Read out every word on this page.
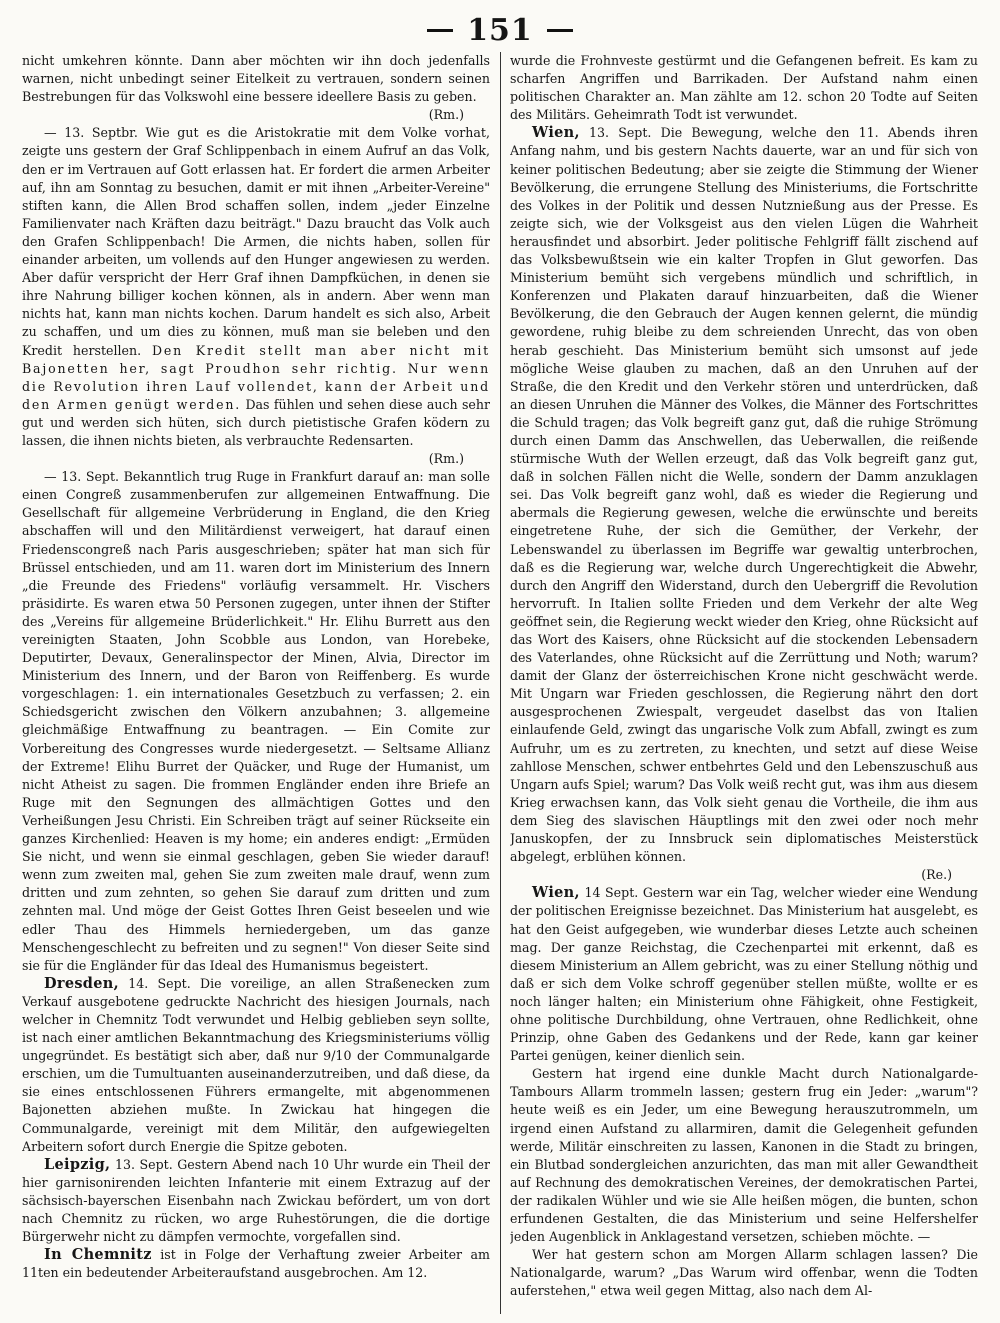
151

nicht umkehren könnte. Dann aber möchten wir ihn doch jedenfalls warnen, nicht unbedingt seiner Eitelkeit zu vertrauen, sondern seinen Bestrebungen für das Volkswohl eine bessere ideellere Basis zu geben.

(Rm.)

— 13. Septbr. Wie gut es die Aristokratie mit dem Volke vorhat, zeigte uns gestern der Graf Schlippenbach in einem Aufruf an das Volk, den er im Vertrauen auf Gott erlassen hat. Er fordert die armen Arbeiter auf, ihn am Sonntag zu besuchen, damit er mit ihnen „Arbeiter-Vereine" stiften kann, die Allen Brod schaffen sollen, indem „jeder Einzelne Familienvater nach Kräften dazu beiträgt." Dazu braucht das Volk auch den Grafen Schlippenbach! Die Armen, die nichts haben, sollen für einander arbeiten, um vollends auf den Hunger angewiesen zu werden. Aber dafür verspricht der Herr Graf ihnen Dampfküchen, in denen sie ihre Nahrung billiger kochen können, als in andern. Aber wenn man nichts hat, kann man nichts kochen. Darum handelt es sich also, Arbeit zu schaffen, und um dies zu können, muß man sie beleben und den Kredit herstellen. Den Kredit stellt man aber nicht mit Bajonetten her, sagt Proudhon sehr richtig. Nur wenn die Revolution ihren Lauf vollendet, kann der Arbeit und den Armen genügt werden. Das fühlen und sehen diese auch sehr gut und werden sich hüten, sich durch pietistische Grafen ködern zu lassen, die ihnen nichts bieten, als verbrauchte Redensarten.

(Rm.)

— 13. Sept. Bekanntlich trug Ruge in Frankfurt darauf an: man solle einen Congreß zusammenberufen zur allgemeinen Entwaffnung. Die Gesellschaft für allgemeine Verbrüderung in England, die den Krieg abschaffen will und den Militärdienst verweigert, hat darauf einen Friedenscongreß nach Paris ausgeschrieben; später hat man sich für Brüssel entschieden, und am 11. waren dort im Ministerium des Innern „die Freunde des Friedens" vorläufig versammelt. Hr. Vischers präsidirte. Es waren etwa 50 Personen zugegen, unter ihnen der Stifter des „Vereins für allgemeine Brüderlichkeit." Hr. Elihu Burrett aus den vereinigten Staaten, John Scobble aus London, van Horebeke, Deputirter, Devaux, Generalinspector der Minen, Alvia, Director im Ministerium des Innern, und der Baron von Reiffenberg. Es wurde vorgeschlagen: 1. ein internationales Gesetzbuch zu verfassen; 2. ein Schiedsgericht zwischen den Völkern anzubahnen; 3. allgemeine gleichmäßige Entwaffnung zu beantragen. — Ein Comite zur Vorbereitung des Congresses wurde niedergesetzt. — Seltsame Allianz der Extreme! Elihu Burret der Quäcker, und Ruge der Humanist, um nicht Atheist zu sagen. Die frommen Engländer enden ihre Briefe an Ruge mit den Segnungen des allmächtigen Gottes und den Verheißungen Jesu Christi. Ein Schreiben trägt auf seiner Rückseite ein ganzes Kirchenlied: Heaven is my home; ein anderes endigt: „Ermüden Sie nicht, und wenn sie einmal geschlagen, geben Sie wieder darauf! wenn zum zweiten mal, gehen Sie zum zweiten male drauf, wenn zum dritten und zum zehnten, so gehen Sie darauf zum dritten und zum zehnten mal. Und möge der Geist Gottes Ihren Geist beseelen und wie edler Thau des Himmels herniedergeben, um das ganze Menschengeschlecht zu befreiten und zu segnen!" Von dieser Seite sind sie für die Engländer für das Ideal des Humanismus begeistert.

Dresden, 14. Sept. Die voreilige, an allen Straßenecken zum Verkauf ausgebotene gedruckte Nachricht des hiesigen Journals, nach welcher in Chemnitz Todt verwundet und Helbig geblieben seyn sollte, ist nach einer amtlichen Bekanntmachung des Kriegsministeriums völlig ungegründet. Es bestätigt sich aber, daß nur 9/10 der Communalgarde erschien, um die Tumultuanten auseinanderzutreiben, und daß diese, da sie eines entschlossenen Führers ermangelte, mit abgenommenen Bajonetten abziehen mußte. In Zwickau hat hingegen die Communalgarde, vereinigt mit dem Militär, den aufgewiegelten Arbeitern sofort durch Energie die Spitze geboten.

Leipzig, 13. Sept. Gestern Abend nach 10 Uhr wurde ein Theil der hier garnisonirenden leichten Infanterie mit einem Extrazug auf der sächsisch-bayerschen Eisenbahn nach Zwickau befördert, um von dort nach Chemnitz zu rücken, wo arge Ruhestörungen, die die dortige Bürgerwehr nicht zu dämpfen vermochte, vorgefallen sind.

In Chemnitz ist in Folge der Verhaftung zweier Arbeiter am 11ten ein bedeutender Arbeiteraufstand ausgebrochen. Am 12.

wurde die Frohnveste gestürmt und die Gefangenen befreit. Es kam zu scharfen Angriffen und Barrikaden. Der Aufstand nahm einen politischen Charakter an. Man zählte am 12. schon 20 Todte auf Seiten des Militärs. Geheimrath Todt ist verwundet.

Wien, 13. Sept. Die Bewegung, welche den 11. Abends ihren Anfang nahm, und bis gestern Nachts dauerte, war an und für sich von keiner politischen Bedeutung; aber sie zeigte die Stimmung der Wiener Bevölkerung, die errungene Stellung des Ministeriums, die Fortschritte des Volkes in der Politik und dessen Nutznießung aus der Presse. Es zeigte sich, wie der Volksgeist aus den vielen Lügen die Wahrheit herausfindet und absorbirt. Jeder politische Fehlgriff fällt zischend auf das Volksbewußtsein wie ein kalter Tropfen in Glut geworfen. Das Ministerium bemüht sich vergebens mündlich und schriftlich, in Konferenzen und Plakaten darauf hinzuarbeiten, daß die Wiener Bevölkerung, die den Gebrauch der Augen kennen gelernt, die mündig gewordene, ruhig bleibe zu dem schreienden Unrecht, das von oben herab geschieht. Das Ministerium bemüht sich umsonst auf jede mögliche Weise glauben zu machen, daß an den Unruhen auf der Straße, die den Kredit und den Verkehr stören und unterdrücken, daß an diesen Unruhen die Männer des Volkes, die Männer des Fortschrittes die Schuld tragen; das Volk begreift ganz gut, daß die ruhige Strömung durch einen Damm das Anschwellen, das Ueberwallen, die reißende stürmische Wuth der Wellen erzeugt, daß das Volk begreift ganz gut, daß in solchen Fällen nicht die Welle, sondern der Damm anzuklagen sei. Das Volk begreift ganz wohl, daß es wieder die Regierung und abermals die Regierung gewesen, welche die erwünschte und bereits eingetretene Ruhe, der sich die Gemüther, der Verkehr, der Lebenswandel zu überlassen im Begriffe war gewaltig unterbrochen, daß es die Regierung war, welche durch Ungerechtigkeit die Abwehr, durch den Angriff den Widerstand, durch den Uebergriff die Revolution hervorruft. In Italien sollte Frieden und dem Verkehr der alte Weg geöffnet sein, die Regierung weckt wieder den Krieg, ohne Rücksicht auf das Wort des Kaisers, ohne Rücksicht auf die stockenden Lebensadern des Vaterlandes, ohne Rücksicht auf die Zerrüttung und Noth; warum? damit der Glanz der österreichischen Krone nicht geschwächt werde. Mit Ungarn war Frieden geschlossen, die Regierung nährt den dort ausgesprochenen Zwiespalt, vergeudet daselbst das von Italien einlaufende Geld, zwingt das ungarische Volk zum Abfall, zwingt es zum Aufruhr, um es zu zertreten, zu knechten, und setzt auf diese Weise zahllose Menschen, schwer entbehrtes Geld und den Lebenszuschuß aus Ungarn aufs Spiel; warum? Das Volk weiß recht gut, was ihm aus diesem Krieg erwachsen kann, das Volk sieht genau die Vortheile, die ihm aus dem Sieg des slavischen Häuptlings mit den zwei oder noch mehr Januskopfen, der zu Innsbruck sein diplomatisches Meisterstück abgelegt, erblühen können.

(Re.)

Wien, 14 Sept. Gestern war ein Tag, welcher wieder eine Wendung der politischen Ereignisse bezeichnet. Das Ministerium hat ausgelebt, es hat den Geist aufgegeben, wie wunderbar dieses Letzte auch scheinen mag. Der ganze Reichstag, die Czechenpartei mit erkennt, daß es diesem Ministerium an Allem gebricht, was zu einer Stellung nöthig und daß er sich dem Volke schroff gegenüber stellen müßte, wollte er es noch länger halten; ein Ministerium ohne Fähigkeit, ohne Festigkeit, ohne politische Durchbildung, ohne Vertrauen, ohne Redlichkeit, ohne Prinzip, ohne Gaben des Gedankens und der Rede, kann gar keiner Partei genügen, keiner dienlich sein.

Gestern hat irgend eine dunkle Macht durch Nationalgarde-Tambours Allarm trommeln lassen; gestern frug ein Jeder: „warum"? heute weiß es ein Jeder, um eine Bewegung herauszutrommeln, um irgend einen Aufstand zu allarmiren, damit die Gelegenheit gefunden werde, Militär einschreiten zu lassen, Kanonen in die Stadt zu bringen, ein Blutbad sondergleichen anzurichten, das man mit aller Gewandtheit auf Rechnung des demokratischen Vereines, der demokratischen Partei, der radikalen Wühler und wie sie Alle heißen mögen, die bunten, schon erfundenen Gestalten, die das Ministerium und seine Helfershelfer jeden Augenblick in Anklagestand versetzen, schieben möchte. —

Wer hat gestern schon am Morgen Allarm schlagen lassen? Die Nationalgarde, warum? „Das Warum wird offenbar, wenn die Todten auferstehen," etwa weil gegen Mittag, also nach dem Al-
